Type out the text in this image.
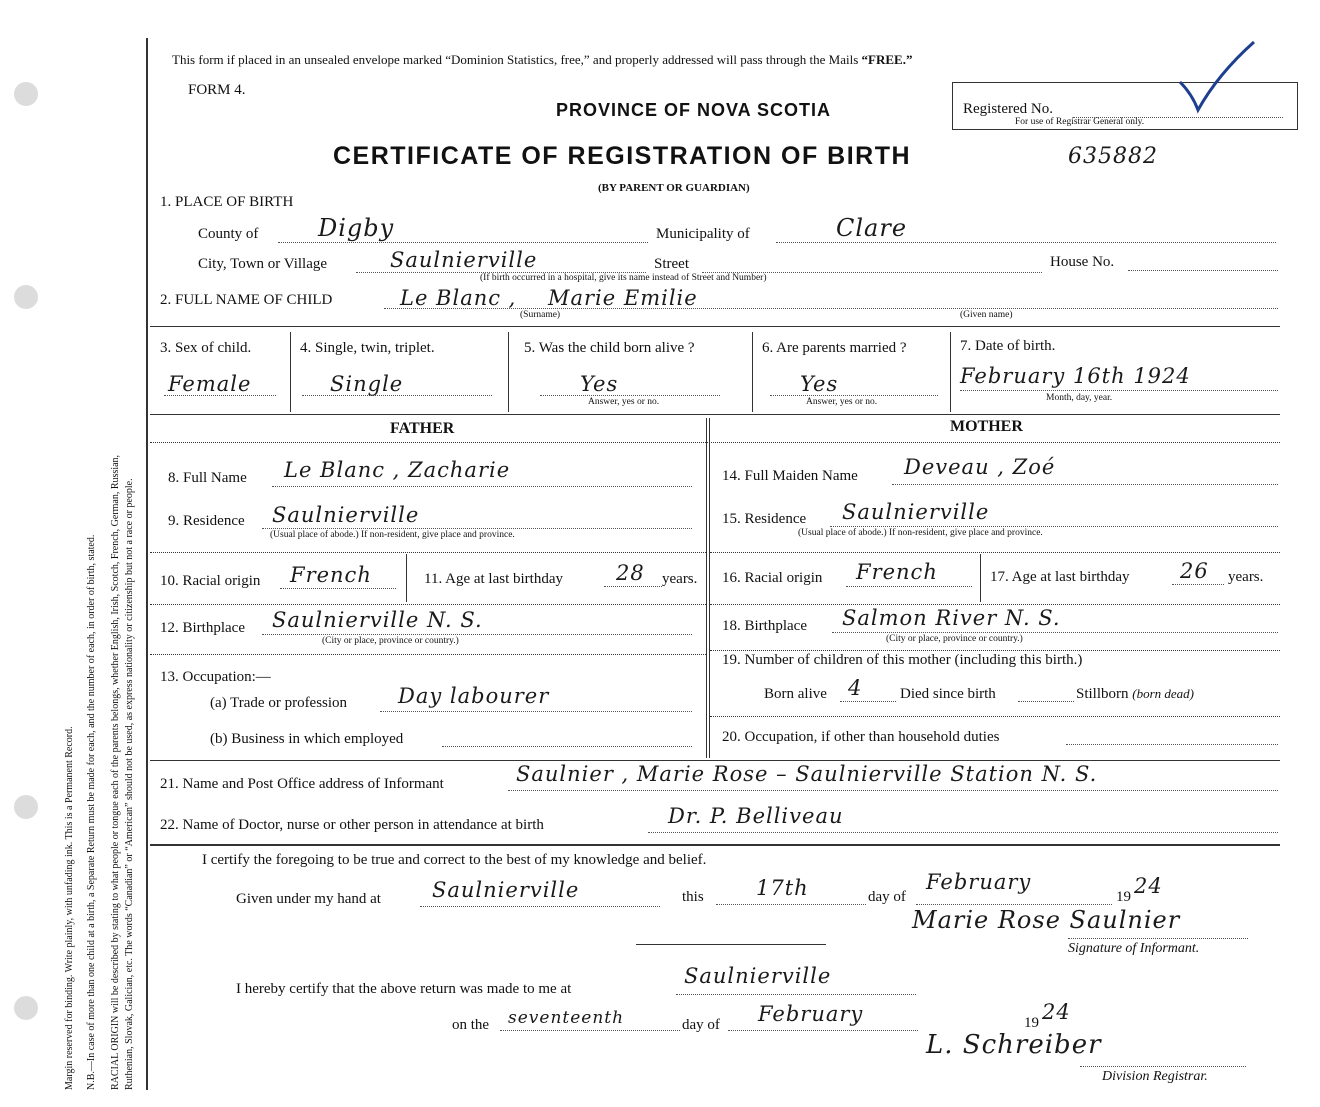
Margin reserved for binding. Write plainly, with unfading ink. This is a Permanent Record. N.B.—In case of more than one child at a birth, a Separate Return must be made for each, and the number of each, in order of birth, stated. RACIAL ORIGIN will be described by stating to what people or tongue each of the parents belongs, whether English, Irish, Scotch, French, German, Russian, Ruthenian, Slovak, Galician, etc. The words “Canadian” or “American” should not be used, as express nationality or citizenship but not a race or people.
This form if placed in an unsealed envelope marked “Dominion Statistics, free,” and properly addressed will pass through the Mails “FREE.”
FORM 4.
PROVINCE OF NOVA SCOTIA	Registered No.
For use of Registrar General only.
CERTIFICATE OF REGISTRATION OF BIRTH	635882
(BY PARENT OR GUARDIAN)
1. PLACE OF BIRTH
County of Digby	Municipality of	Clare
City, Town or Village	Saulnierville	Street	House No.
(If birth occurred in a hospital, give its name instead of Street and Number)
2. FULL NAME OF CHILD	Le Blanc , Marie Emilie
(Surname)	(Given name)
3. Sex of child.
Female
4. Single, twin, triplet.
Single
5. Was the child born alive ?
Yes
Answer, yes or no.
6. Are parents married ?
Yes
Answer, yes or no.
7. Date of birth.
February 16th 1924
Month, day, year.
FATHER	MOTHER
8. Full Name Le Blanc , Zacharie
9. Residence Saulnierville
(Usual place of abode.) If non-resident, give place and province.
10. Racial origin French	11. Age at last birthday	28 years.
12. Birthplace Saulnierville N. S.
(City or place, province or country.)
13. Occupation:—
(a) Trade or profession Day labourer
(b) Business in which employed
14. Full Maiden Name Deveau , Zoé
15. Residence Saulnierville
(Usual place of abode.) If non-resident, give place and province.
16. Racial origin French	17. Age at last birthday 26 years.
18. Birthplace Salmon River N. S.
(City or place, province or country.)
19. Number of children of this mother (including this birth.)
Born alive 4	Died since birth	Stillborn (born dead)
20. Occupation, if other than household duties
21. Name and Post Office address of Informant	Saulnier , Marie Rose – Saulnierville Station N. S.
22. Name of Doctor, nurse or other person in attendance at birth	Dr. P. Belliveau
I certify the foregoing to be true and correct to the best of my knowledge and belief.
Given under my hand at Saulnierville	this 17th	day of
February
19 24
Marie Rose Saulnier
Signature of Informant.
I hereby certify that the above return was made to me at
Saulnierville
on the seventeenth	day of February	19 24
L. Schreiber
Division Registrar.
